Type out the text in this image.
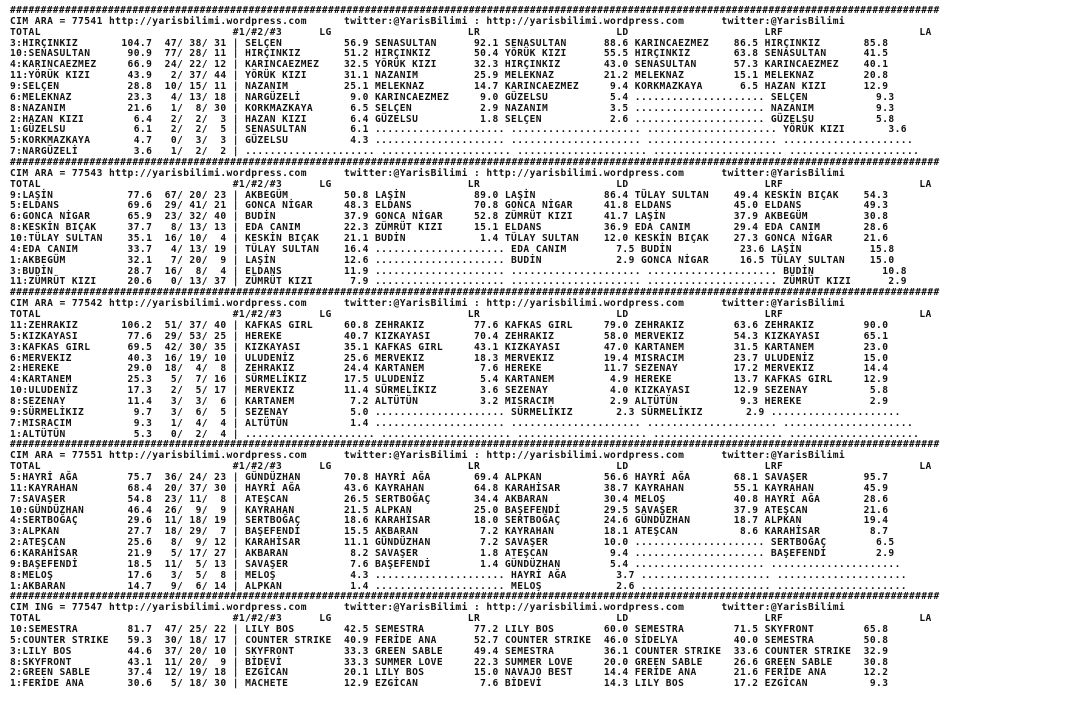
########################################################################################################################################################
CIM ARA = 77541 http://yarisbilimi.wordpress.com      twitter:@YarisBilimi : http://yarisbilimi.wordpress.com      twitter:@YarisBilimi
TOTAL                               #1/#2/#3      LG                      LR                      LD                      LRF                      LA
3:HIRÇINKIZ       104.7  47/ 38/ 31 | SELÇEN          56.9 SENASULTAN      92.1 SENASULTAN      88.6 KARINCAEZMEZ    86.5 HIRÇINKIZ       85.8
10:SENASULTAN      90.9  77/ 28/ 11 | HIRÇINKIZ       51.2 HIRÇINKIZ       50.4 YÖRÜK KIZI      55.5 HIRÇINKIZ       63.8 SENASULTAN      41.5
4:KARINCAEZMEZ     66.9  24/ 22/ 12 | KARINCAEZMEZ    32.5 YÖRÜK KIZI      32.3 HIRÇINKIZ       43.0 SENASULTAN      57.3 KARINCAEZMEZ    40.1
11:YÖRÜK KIZI      43.9   2/ 37/ 44 | YÖRÜK KIZI      31.1 NAZANIM         25.9 MELEKNAZ        21.2 MELEKNAZ        15.1 MELEKNAZ        20.8
9:SELÇEN           28.8  10/ 15/ 11 | NAZANIM         25.1 MELEKNAZ        14.7 KARINCAEZMEZ     9.4 KORKMAZKAYA      6.5 HAZAN KIZI      12.9
6:MELEKNAZ         23.3   4/ 13/ 18 | NARGÜZELİ        9.0 KARINCAEZMEZ     9.0 GÜZELSU          5.4 ..................... SELÇEN           9.3
8:NAZANIM          21.6   1/  8/ 30 | KORKMAZKAYA      6.5 SELÇEN           2.9 NAZANIM          3.5 ..................... NAZANIM          9.3
2:HAZAN KIZI        6.4   2/  2/  3 | HAZAN KIZI       6.4 GÜZELSU          1.8 SELÇEN           2.6 ..................... GÜZELSU          5.8
1:GÜZELSU           6.1   2/  2/  5 | SENASULTAN       6.1 ..................... ..................... ..................... YÖRÜK KIZI       3.6
5:KORKMAZKAYA       4.7   0/  3/  3 | GÜZELSU          4.3 ..................... ..................... ..................... .....................
7:NARGÜZELİ         3.6   1/  2/  2 | ..................... ..................... ..................... ..................... .....................
########################################################################################################################################################
CIM ARA = 77543 http://yarisbilimi.wordpress.com      twitter:@YarisBilimi : http://yarisbilimi.wordpress.com      twitter:@YarisBilimi
TOTAL                               #1/#2/#3      LG                      LR                      LD                      LRF                      LA
9:LAŞİN            77.6  67/ 20/ 23 | AKBEGÜM         50.8 LAŞİN           89.0 LAŞİN           86.4 TÜLAY SULTAN    49.4 KESKİN BIÇAK    54.3
5:ELDANS           69.6  29/ 41/ 21 | GONCA NİGAR     48.3 ELDANS          70.8 GONCA NİGAR     41.8 ELDANS          45.0 ELDANS          49.3
6:GONCA NİGAR      65.9  23/ 32/ 40 | BUDİN           37.9 GONCA NİGAR     52.8 ZÜMRÜT KIZI     41.7 LAŞİN           37.9 AKBEGÜM         30.8
8:KESKİN BIÇAK     37.7   8/ 13/ 13 | EDA CANIM       22.3 ZÜMRÜT KIZI     15.1 ELDANS          36.9 EDA CANIM       29.4 EDA CANIM       28.6
10:TÜLAY SULTAN    35.1  16/ 10/  4 | KESKİN BIÇAK    21.1 BUDİN            1.4 TÜLAY SULTAN    12.0 KESKİN BIÇAK    27.3 GONCA NİGAR     21.6
4:EDA CANIM        33.7   4/ 13/ 19 | TÜLAY SULTAN    16.4 ..................... EDA CANIM        7.5 BUDİN           23.6 LAŞİN           15.8
1:AKBEGÜM          32.1   7/ 20/  9 | LAŞİN           12.6 ..................... BUDİN            2.9 GONCA NİGAR     16.5 TÜLAY SULTAN    15.0
3:BUDİN            28.7  16/  8/  4 | ELDANS          11.9 ..................... ..................... ..................... BUDİN           10.8
11:ZÜMRÜT KIZI     20.6   0/ 13/ 37 | ZÜMRÜT KIZI      7.9 ..................... ..................... ..................... ZÜMRÜT KIZI      2.9
########################################################################################################################################################
CIM ARA = 77542 http://yarisbilimi.wordpress.com      twitter:@YarisBilimi : http://yarisbilimi.wordpress.com      twitter:@YarisBilimi
TOTAL                               #1/#2/#3      LG                      LR                      LD                      LRF                      LA
11:ZEHRAKIZ       106.2  51/ 37/ 40 | KAFKAS GIRL     60.8 ZEHRAKIZ        77.6 KAFKAS GIRL     79.0 ZEHRAKIZ        63.6 ZEHRAKIZ        90.0
5:KIZKAYASI        77.6  29/ 53/ 25 | HEREKE          40.7 KIZKAYASI       70.4 ZEHRAKIZ        58.0 MERVEKIZ        54.3 KIZKAYASI       65.1
3:KAFKAS GIRL      69.5  42/ 30/ 35 | KIZKAYASI       35.1 KAFKAS GIRL     43.1 KIZKAYASI       47.0 KARTANEM        31.5 KARTANEM        23.0
6:MERVEKIZ         40.3  16/ 19/ 10 | ULUDENİZ        25.6 MERVEKIZ        18.3 MERVEKIZ        19.4 MISRACIM        23.7 ULUDENİZ        15.0
2:HEREKE           29.0  18/  4/  8 | ZEHRAKIZ        24.4 KARTANEM         7.6 HEREKE          11.7 SEZENAY         17.2 MERVEKIZ        14.4
4:KARTANEM         25.3   5/  7/ 16 | SÜRMELİKIZ      17.5 ULUDENİZ         5.4 KARTANEM         4.9 HEREKE          13.7 KAFKAS GIRL     12.9
10:ULUDENİZ        17.3   2/  5/ 17 | MERVEKIZ        11.4 SÜRMELİKIZ       3.6 SEZENAY          4.0 KIZKAYASI       12.9 SEZENAY          5.8
8:SEZENAY          11.4   3/  3/  6 | KARTANEM         7.2 ALTÜTÜN          3.2 MISRACIM         2.9 ALTÜTÜN          9.3 HEREKE           2.9
9:SÜRMELİKIZ        9.7   3/  6/  5 | SEZENAY          5.0 ..................... SÜRMELİKIZ       2.3 SÜRMELİKIZ       2.9 .....................
7:MISRACIM          9.3   1/  4/  4 | ALTÜTÜN          1.4 ..................... ..................... ..................... .....................
1:ALTÜTÜN           5.3   0/  2/  4 | ..................... ..................... ..................... ..................... .....................
########################################################################################################################################################
CIM ARA = 77551 http://yarisbilimi.wordpress.com      twitter:@YarisBilimi : http://yarisbilimi.wordpress.com      twitter:@YarisBilimi
TOTAL                               #1/#2/#3      LG                      LR                      LD                      LRF                      LA
5:HAYRİ AĞA        75.7  36/ 24/ 23 | GÜNDÜZHAN       70.8 HAYRİ AĞA       69.4 ALPKAN          56.6 HAYRİ AĞA       68.1 SAVAŞER         95.7
11:KAYRAHAN        68.4  20/ 37/ 30 | HAYRİ AĞA       43.6 KAYRAHAN        64.8 KARAHİSAR       38.7 KAYRAHAN        55.1 KAYRAHAN        45.9
7:SAVAŞER          54.8  23/ 11/  8 | ATEŞCAN         26.5 SERTBOĞAÇ       34.4 AKBARAN         30.4 MELOŞ           40.8 HAYRİ AĞA       28.6
10:GÜNDÜZHAN       46.4  26/  9/  9 | KAYRAHAN        21.5 ALPKAN          25.0 BAŞEFENDİ       29.5 SAVAŞER         37.9 ATEŞCAN         21.6
4:SERTBOĞAÇ        29.6  11/ 18/ 19 | SERTBOĞAÇ       18.6 KARAHİSAR       18.0 SERTBOĞAÇ       24.6 GÜNDÜZHAN       18.7 ALPKAN          19.4
3:ALPKAN           27.7  18/ 29/  7 | BAŞEFENDİ       15.5 AKBARAN          7.2 KAYRAHAN        18.1 ATEŞCAN          8.6 KARAHİSAR        8.7
2:ATEŞCAN          25.6   8/  9/ 12 | KARAHİSAR       11.1 GÜNDÜZHAN        7.2 SAVAŞER         10.0 ..................... SERTBOĞAÇ        6.5
6:KARAHİSAR        21.9   5/ 17/ 27 | AKBARAN          8.2 SAVAŞER          1.8 ATEŞCAN          9.4 ..................... BAŞEFENDİ        2.9
9:BAŞEFENDİ        18.5  11/  5/ 13 | SAVAŞER          7.6 BAŞEFENDİ        1.4 GÜNDÜZHAN        5.4 ..................... .....................
8:MELOŞ            17.6   3/  5/  8 | MELOŞ            4.3 ..................... HAYRİ AĞA        3.7 ..................... .....................
1:AKBARAN          14.7   9/  6/ 14 | ALPKAN           1.4 ..................... MELOŞ            2.6 ..................... .....................
########################################################################################################################################################
CIM ING = 77547 http://yarisbilimi.wordpress.com      twitter:@YarisBilimi : http://yarisbilimi.wordpress.com      twitter:@YarisBilimi
TOTAL                               #1/#2/#3      LG                      LR                      LD                      LRF                      LA
10:SEMESTRA        81.7  47/ 25/ 22 | LILY BOS        42.5 SEMESTRA        77.2 LILY BOS        60.0 SEMESTRA        71.5 SKYFRONT        65.8
5:COUNTER STRIKE   59.3  30/ 18/ 17 | COUNTER STRIKE  40.9 FERİDE ANA      52.7 COUNTER STRIKE  46.0 SİDELYA         40.0 SEMESTRA        50.8
3:LILY BOS         44.6  37/ 20/ 10 | SKYFRONT        33.3 GREEN SABLE     49.4 SEMESTRA        36.1 COUNTER STRIKE  33.6 COUNTER STRIKE  32.9
8:SKYFRONT         43.1  11/ 20/  9 | BİDEVİ          33.3 SUMMER LOVE     22.3 SUMMER LOVE     20.0 GREEN SABLE     26.6 GREEN SABLE     30.8
2:GREEN SABLE      37.4  12/ 19/ 18 | EZGİCAN         20.1 LILY BOS        15.0 NAVAJO BEST     14.4 FERİDE ANA      21.6 FERİDE ANA      12.2
1:FERİDE ANA       30.6   5/ 18/ 30 | MACHETE         12.9 EZGİCAN          7.6 BİDEVİ          14.3 LILY BOS        17.2 EZGİCAN          9.3
